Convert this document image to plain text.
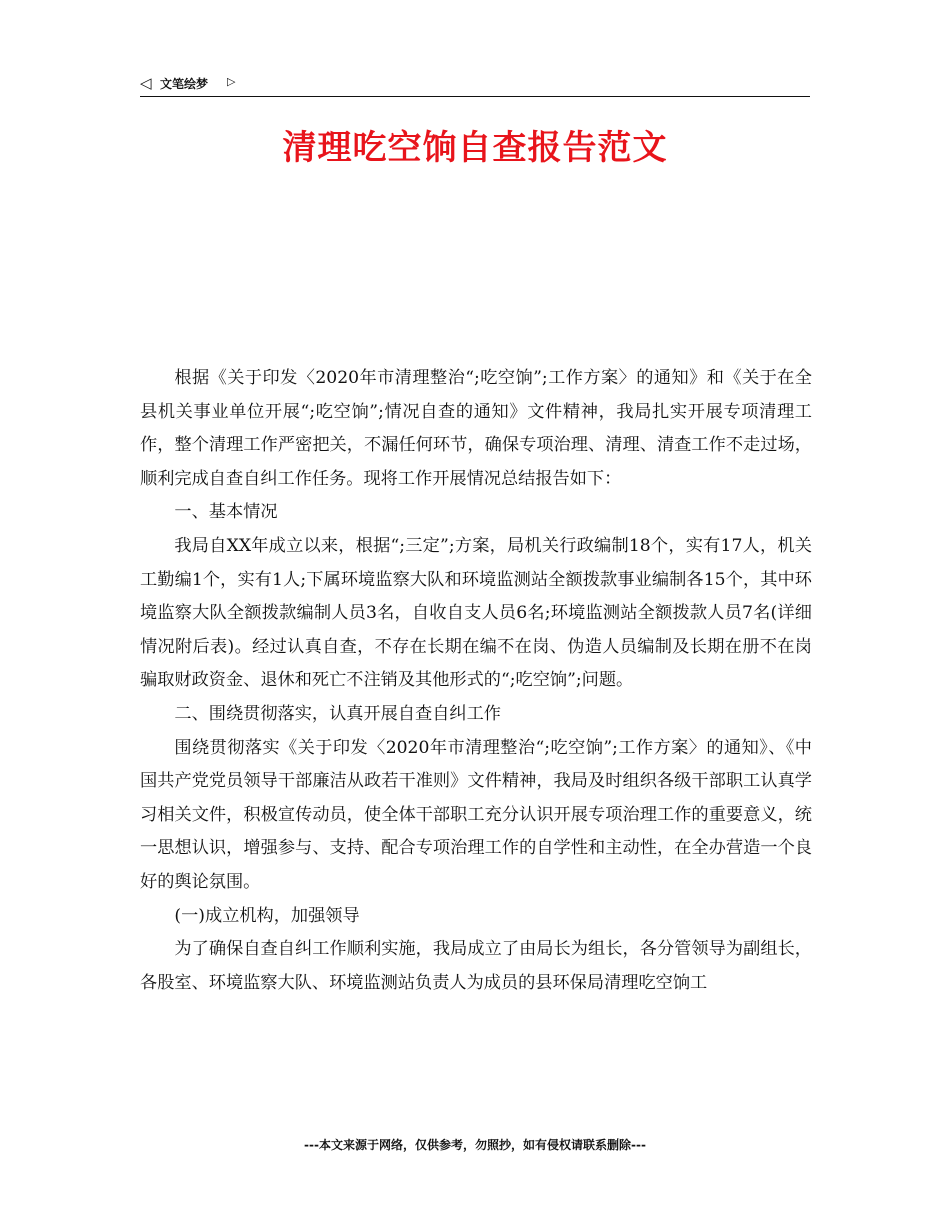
◁ 文笔绘梦 ▷
清理吃空饷自查报告范文

根据《关于印发〈2020年市清理整治“;吃空饷”;工作方案〉的通知》和《关于在全县机关事业单位开展“;吃空饷”;情况自查的通知》文件精神，我局扎实开展专项清理工作，整个清理工作严密把关，不漏任何环节，确保专项治理、清理、清查工作不走过场，顺利完成自查自纠工作任务。现将工作开展情况总结报告如下：

一、基本情况

我局自XX年成立以来，根据“;三定”;方案，局机关行政编制18个，实有17人，机关工勤编1个，实有1人;下属环境监察大队和环境监测站全额拨款事业编制各15个，其中环境监察大队全额拨款编制人员3名，自收自支人员6名;环境监测站全额拨款人员7名(详细情况附后表)。经过认真自查，不存在长期在编不在岗、伪造人员编制及长期在册不在岗骗取财政资金、退休和死亡不注销及其他形式的“;吃空饷”;问题。

二、围绕贯彻落实，认真开展自查自纠工作

围绕贯彻落实《关于印发〈2020年市清理整治“;吃空饷”;工作方案〉的通知》、《中国共产党党员领导干部廉洁从政若干准则》文件精神，我局及时组织各级干部职工认真学习相关文件，积极宣传动员，使全体干部职工充分认识开展专项治理工作的重要意义，统一思想认识，增强参与、支持、配合专项治理工作的自学性和主动性，在全办营造一个良好的舆论氛围。

(一)成立机构，加强领导

为了确保自查自纠工作顺利实施，我局成立了由局长为组长，各分管领导为副组长，各股室、环境监察大队、环境监测站负责人为成员的县环保局清理吃空饷工

---本文来源于网络，仅供参考，勿照抄，如有侵权请联系删除---
